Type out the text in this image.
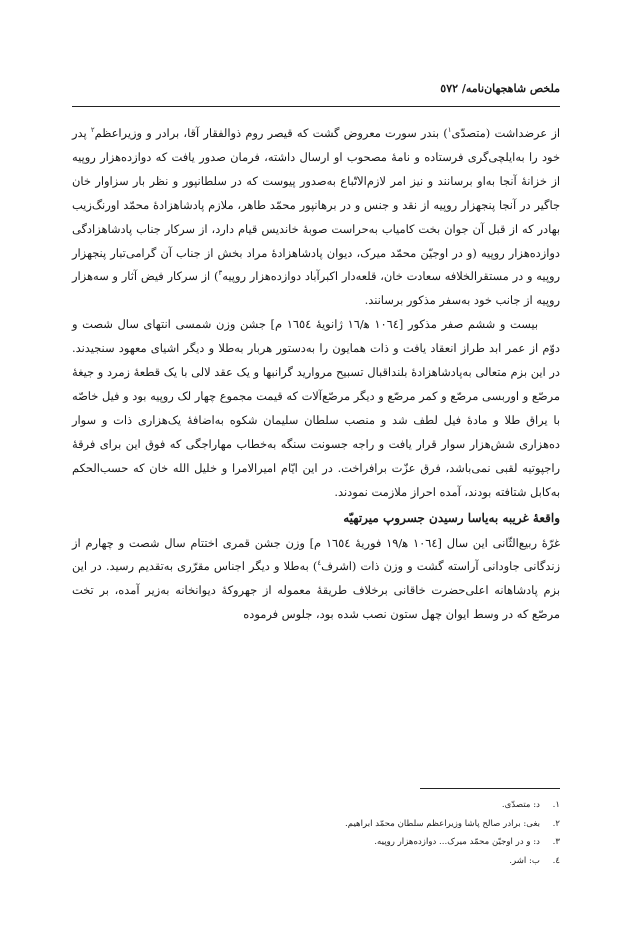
ملخص شاهجهان‌نامه/ ٥٧٢

از عرضداشت (متصدّی$^١$) بندر سورت معروض گشت که قیصر روم ذوالفقار آقا، برادر و وزیراعظم$^٢$ پدر خود را به‌ایلچی‌گری فرستاده و نامهٔ مصحوب او ارسال داشته، فرمان صدور یافت که دوازده‌هزار روپیه از خزانهٔ آنجا به‌او برسانند و نیز امر لازم‌الاتّباع به‌صدور پیوست که در سلطانپور و نظر بار سزاوار خان جاگیر در آنجا پنجهزار روپیه از نقد و جنس و در برهانپور محمّد طاهر، ملازم پادشاهزادهٔ محمّد اورنگ‌زیب بهادر که از قبل آن جوان بخت کامیاب به‌حراست صوبهٔ خاندیس قیام دارد، از سرکار جناب پادشاهزادگی دوازده‌هزار روپیه (و در اوجیّن محمّد میرک، دیوان پادشاهزادهٔ مراد بخش از جناب آن گرامی‌تبار پنجهزار روپیه و در مستقرالخلافه سعادت خان، قلعه‌دار اکبرآباد دوازده‌هزار روپیه$^٣$) از سرکار فیض آثار و سه‌هزار روپیه از جانب خود به‌سفر مذکور برسانند.

بیست و ششم صفر مذکور [١٠٦٤ ه‍/١٦ ژانویهٔ ١٦٥٤ م] جشن وزن شمسی انتهای سال شصت و دوّم از عمر ابد طراز انعقاد یافت و ذات همایون را به‌دستور هربار به‌طلا و دیگر اشیای معهود سنجیدند. در این بزم متعالی به‌پادشاهزادهٔ بلنداقبال تسبیح مروارید گرانبها و یک عقد لالی با یک قطعهٔ زمرد و جیغهٔ مرصّع و اوربسی مرصّع و کمر مرصّع و دیگر مرصّع‌آلات که قیمت مجموع چهار لک روپیه بود و فیل خاصّه با یراق طلا و مادهٔ فیل لطف شد و منصب سلطان سلیمان شکوه به‌اضافهٔ یک‌هزاری ذات و سوار ده‌هزاری شش‌هزار سوار قرار یافت و راجه جسونت سنگه به‌خطاب مهاراجگی که فوق این برای فرقهٔ راجپوتیه لقبی نمی‌باشد، فرق عزّت برافراخت. در این ایّام امیرالامرا و خلیل الله خان که حسب‌الحکم به‌کابل شتافته بودند، آمده احراز ملازمت نمودند.

واقعهٔ غریبه به‌یاسا رسیدن جسروپ میرتهیّه

غرّهٔ ربیع‌الثّانی این سال [١٠٦٤ ه‍/١٩ فوریهٔ ١٦٥٤ م] وزن جشن قمری اختتام سال شصت و چهارم از زندگانی جاودانی آراسته گشت و وزن ذات (اشرف$^٤$) به‌طلا و دیگر اجناس مقرّری به‌تقدیم رسید. در این بزم پادشاهانه اعلی‌حضرت خاقانی برخلاف طریقهٔ معموله از جهروکهٔ دیوانخانه به‌زیر آمده، بر تخت مرصّع که در وسط ایوان چهل ستون نصب شده بود، جلوس فرموده

١.
د: متصدّی.
٢.
بغی: برادر صالح پاشا وزیراعظم سلطان محمّد ابراهیم.
٣.
د: و در اوجیّن محمّد میرک... دوازده‌هزار روپیه.
٤.
ب: اشر.
